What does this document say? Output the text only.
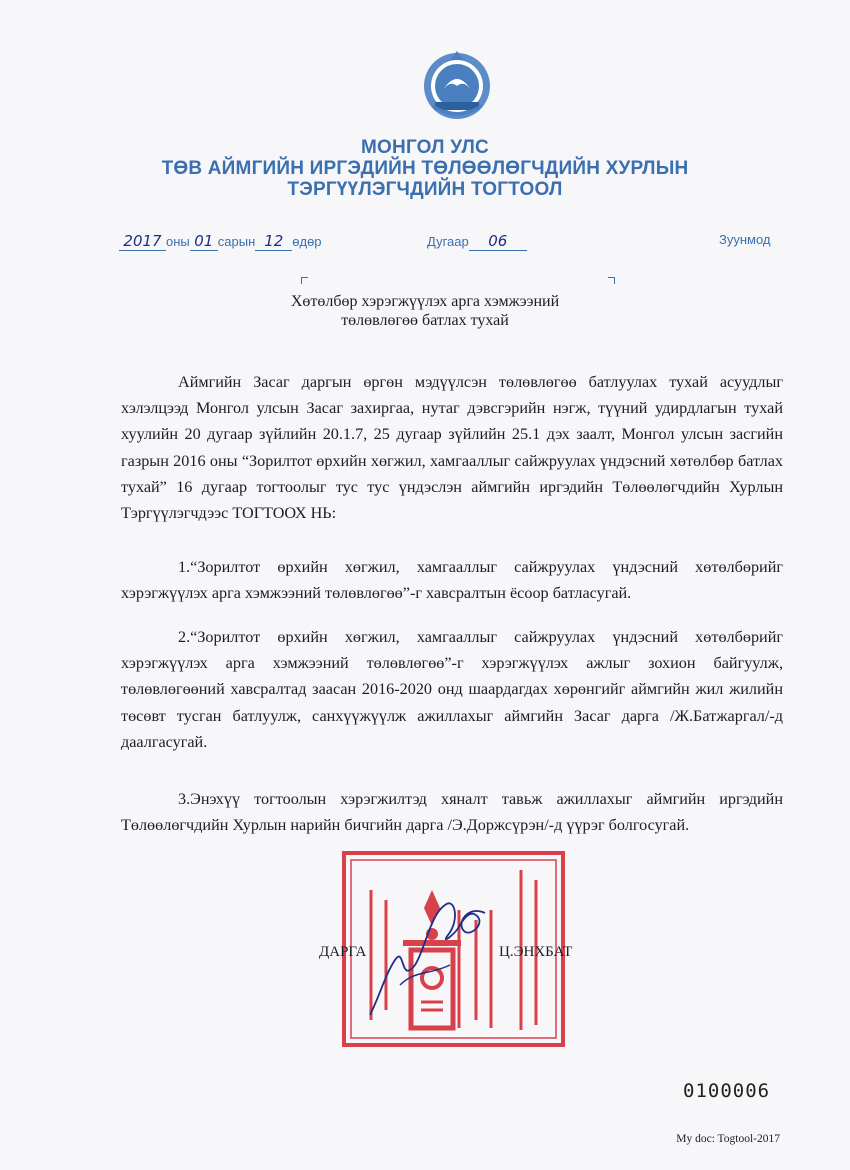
МОНГОЛ УЛС
ТӨВ АЙМГИЙН ИРГЭДИЙН ТӨЛӨӨЛӨГЧДИЙН ХУРЛЫН
ТЭРГҮҮЛЭГЧДИЙН ТОГТООЛ
2017 оны 01 сарын 12 өдөр	Дугаар 06	Зуунмод
Хөтөлбөр хэрэгжүүлэх арга хэмжээний
төлөвлөгөө батлах тухай

Аймгийн Засаг даргын өргөн мэдүүлсэн төлөвлөгөө батлуулах тухай асуудлыг хэлэлцээд Монгол улсын Засаг захиргаа, нутаг дэвсгэрийн нэгж, түүний удирдлагын тухай хуулийн 20 дугаар зүйлийн 20.1.7, 25 дугаар зүйлийн 25.1 дэх заалт, Монгол улсын засгийн газрын 2016 оны “Зорилтот өрхийн хөгжил, хамгааллыг сайжруулах үндэсний хөтөлбөр батлах тухай” 16 дугаар тогтоолыг тус тус үндэслэн аймгийн иргэдийн Төлөөлөгчдийн Хурлын Тэргүүлэгчдээс ТОГТООХ НЬ:

1.“Зорилтот өрхийн хөгжил, хамгааллыг сайжруулах үндэсний хөтөлбөрийг хэрэгжүүлэх арга хэмжээний төлөвлөгөө”-г хавсралтын ёсоор батласугай.

2.“Зорилтот өрхийн хөгжил, хамгааллыг сайжруулах үндэсний хөтөлбөрийг хэрэгжүүлэх арга хэмжээний төлөвлөгөө”-г хэрэгжүүлэх ажлыг зохион байгуулж, төлөвлөгөөний хавсралтад заасан 2016-2020 онд шаардагдах хөрөнгийг аймгийн жил жилийн төсөвт тусган батлуулж, санхүүжүүлж ажиллахыг аймгийн Засаг дарга /Ж.Батжаргал/-д даалгасугай.

3.Энэхүү тогтоолын хэрэгжилтэд хяналт тавьж ажиллахыг аймгийн иргэдийн Төлөөлөгчдийн Хурлын нарийн бичгийн дарга /Э.Доржсүрэн/-д үүрэг болгосугай.

ДАРГА	Ц.ЭНХБАТ
0100006
My doc: Togtool-2017
